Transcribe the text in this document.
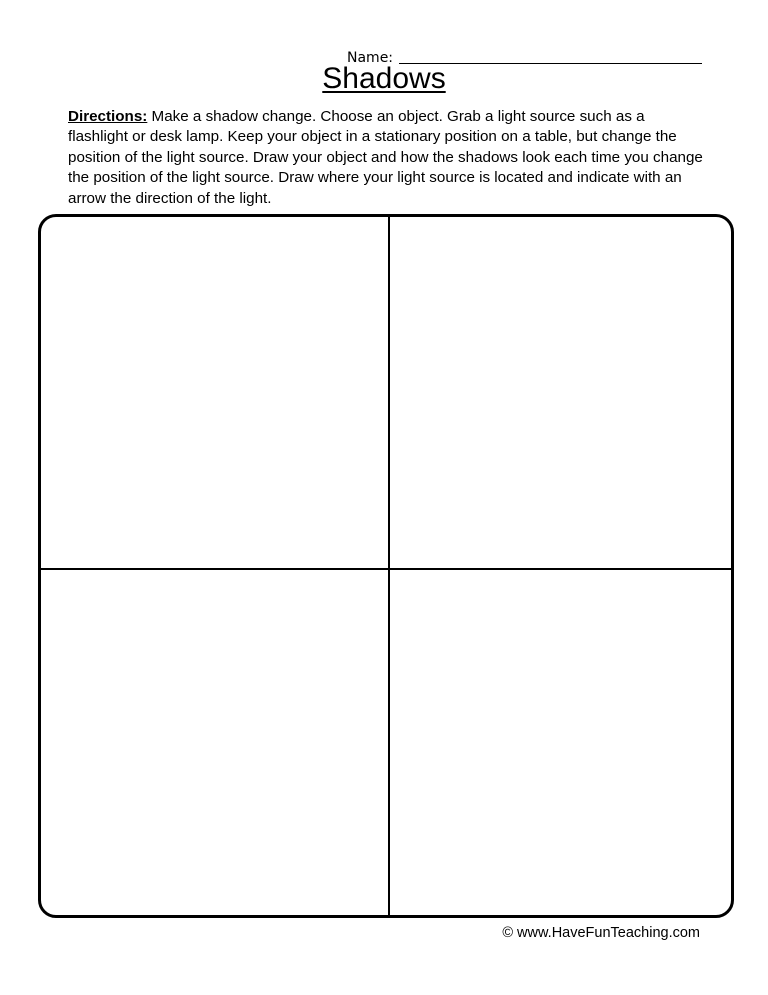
Name:
Shadows

Directions: Make a shadow change. Choose an object. Grab a light source such as a flashlight or desk lamp. Keep your object in a stationary position on a table, but change the position of the light source. Draw your object and how the shadows look each time you change the position of the light source. Draw where your light source is located and indicate with an arrow the direction of the light.

© www.HaveFunTeaching.com
